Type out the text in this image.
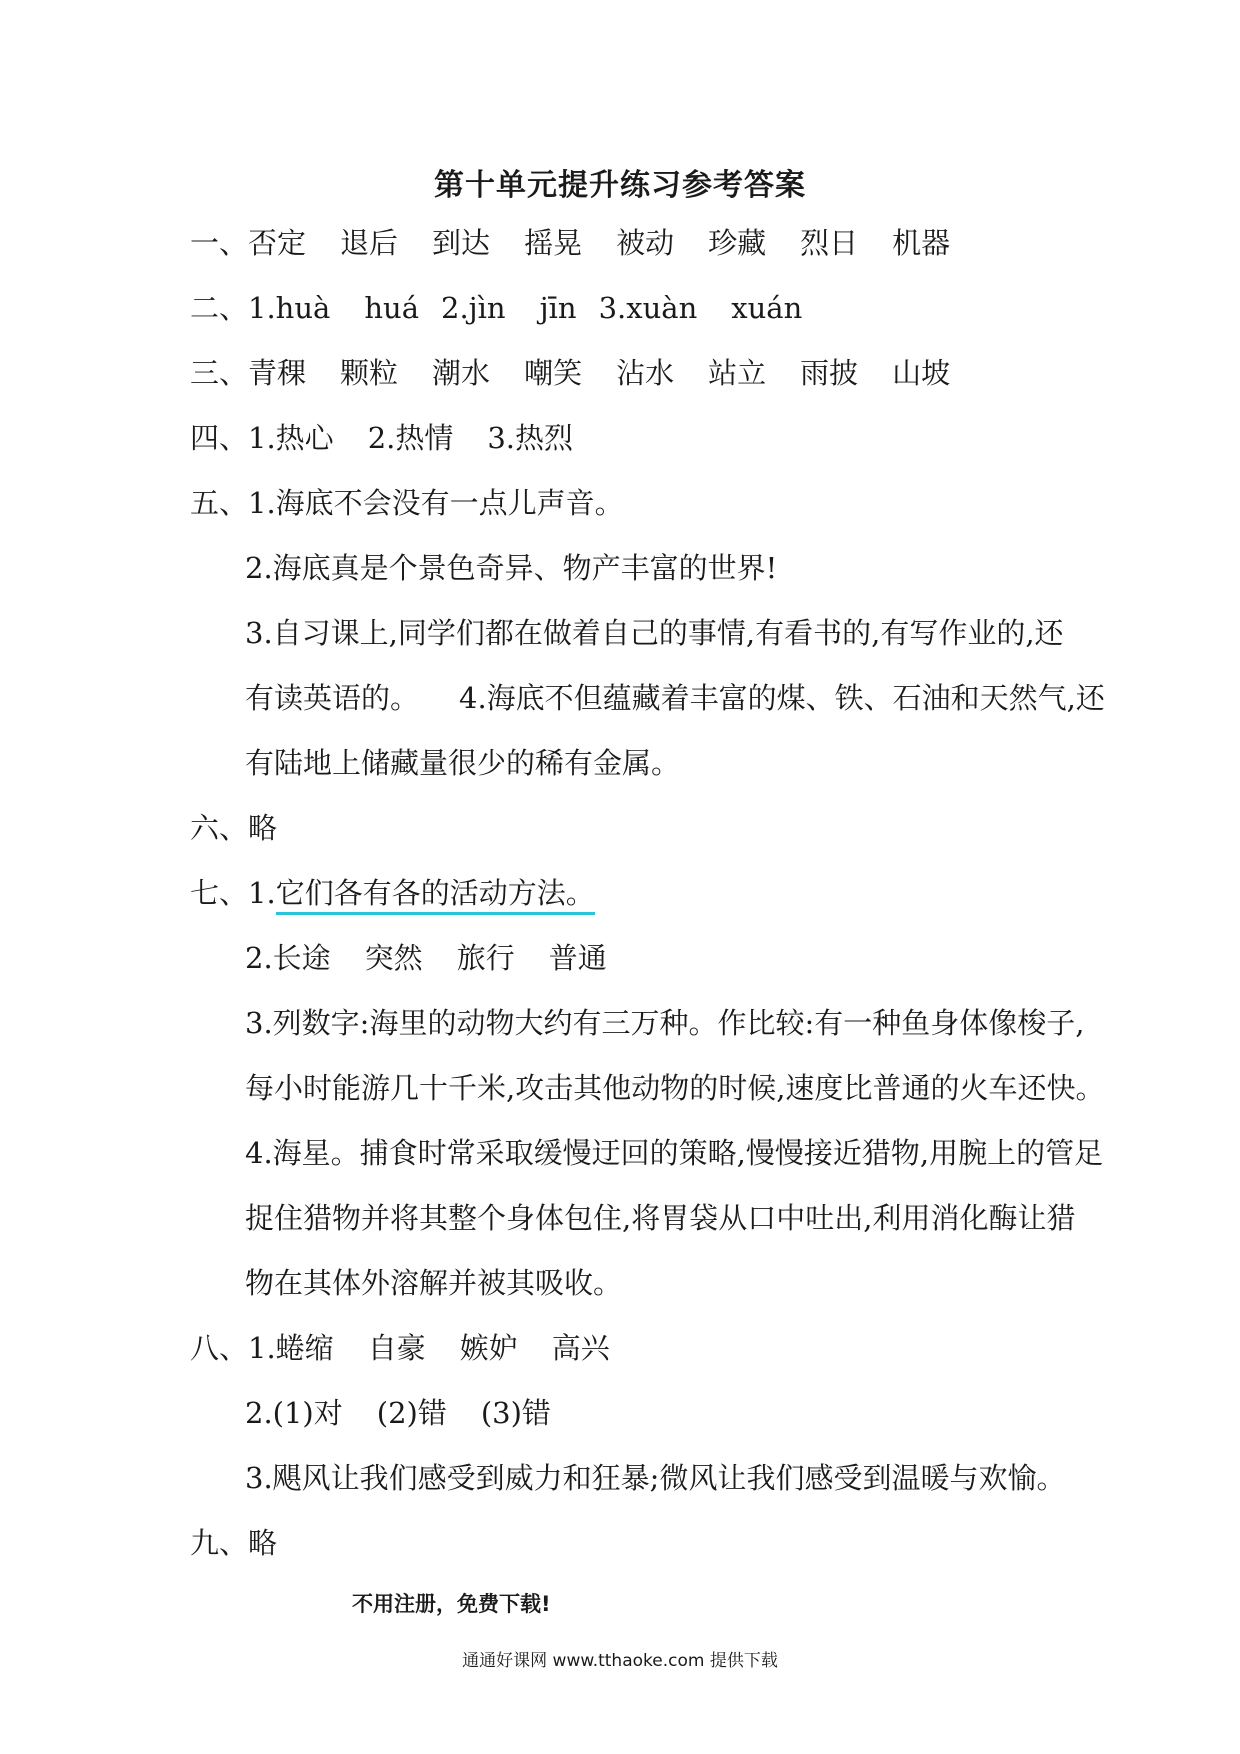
第十单元提升练习参考答案
一、否定 退后 到达 摇晃 被动 珍藏 烈日 机器
二、1.huà huá 2.jìn jīn 3.xuàn xuán
三、青稞 颗粒 潮水 嘲笑 沾水 站立 雨披 山坡
四、1.热心 2.热情 3.热烈
五、1.海底不会没有一点儿声音。
2.海底真是个景色奇异、物产丰富的世界!
3.自习课上,同学们都在做着自己的事情,有看书的,有写作业的,还
有读英语的。 4.海底不但蕴藏着丰富的煤、铁、石油和天然气,还
有陆地上储藏量很少的稀有金属。
六、略
七、1.它们各有各的活动方法。
2.长途 突然 旅行 普通
3.列数字:海里的动物大约有三万种。作比较:有一种鱼身体像梭子,
每小时能游几十千米,攻击其他动物的时候,速度比普通的火车还快。
4.海星。捕食时常采取缓慢迂回的策略,慢慢接近猎物,用腕上的管足
捉住猎物并将其整个身体包住,将胃袋从口中吐出,利用消化酶让猎
物在其体外溶解并被其吸收。
八、1.蜷缩 自豪 嫉妒 高兴
2.(1)对 (2)错 (3)错
3.飓风让我们感受到威力和狂暴;微风让我们感受到温暖与欢愉。
九、略
不用注册，免费下载!
通通好课网 www.tthaoke.com 提供下载
